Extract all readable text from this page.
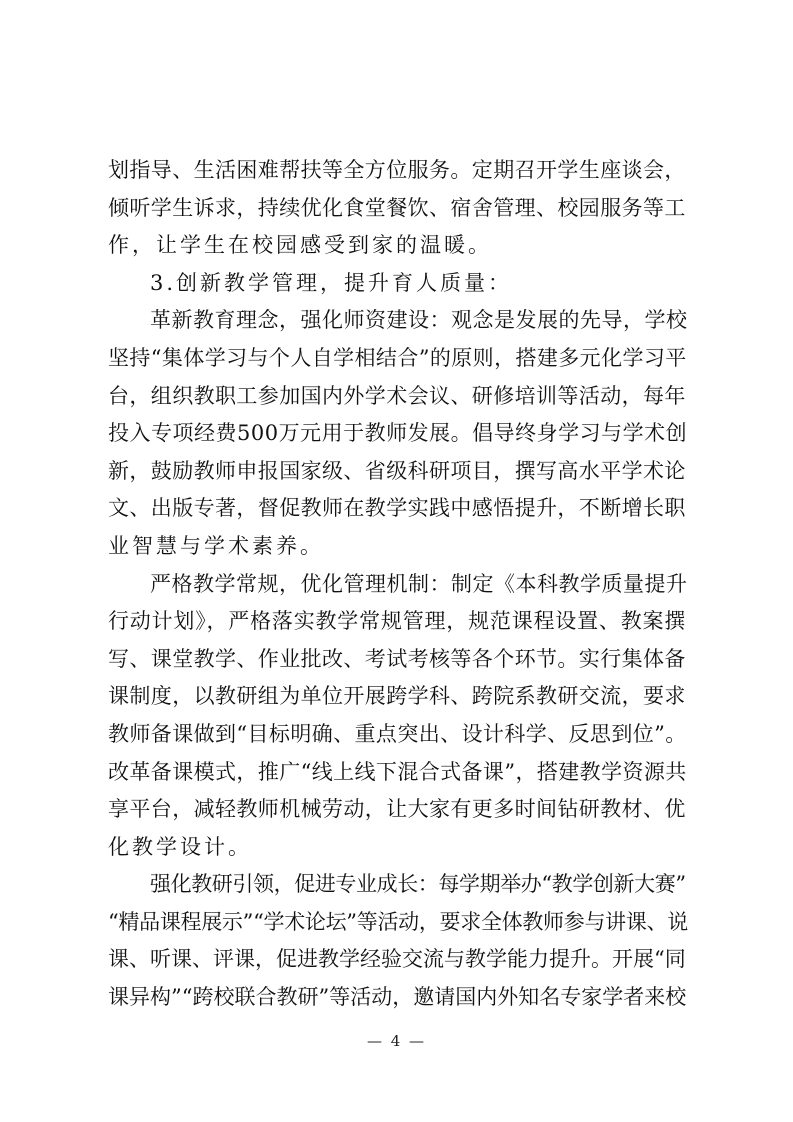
划指导、生活困难帮扶等全方位服务。定期召开学生座谈会，
倾听学生诉求，持续优化食堂餐饮、宿舍管理、校园服务等工
作，让学生在校园感受到家的温暖。
3.创新教学管理，提升育人质量：
革新教育理念，强化师资建设：观念是发展的先导，学校
坚持“集体学习与个人自学相结合”的原则，搭建多元化学习平
台，组织教职工参加国内外学术会议、研修培训等活动，每年
投入专项经费500万元用于教师发展。倡导终身学习与学术创
新，鼓励教师申报国家级、省级科研项目，撰写高水平学术论
文、出版专著，督促教师在教学实践中感悟提升，不断增长职
业智慧与学术素养。
严格教学常规，优化管理机制：制定《本科教学质量提升
行动计划》，严格落实教学常规管理，规范课程设置、教案撰
写、课堂教学、作业批改、考试考核等各个环节。实行集体备
课制度，以教研组为单位开展跨学科、跨院系教研交流，要求
教师备课做到“目标明确、重点突出、设计科学、反思到位”。
改革备课模式，推广“线上线下混合式备课”，搭建教学资源共
享平台，减轻教师机械劳动，让大家有更多时间钻研教材、优
化教学设计。
强化教研引领，促进专业成长：每学期举办“教学创新大赛”
“精品课程展示”“学术论坛”等活动，要求全体教师参与讲课、说
课、听课、评课，促进教学经验交流与教学能力提升。开展“同
课异构”“跨校联合教研”等活动，邀请国内外知名专家学者来校
— 4 —
